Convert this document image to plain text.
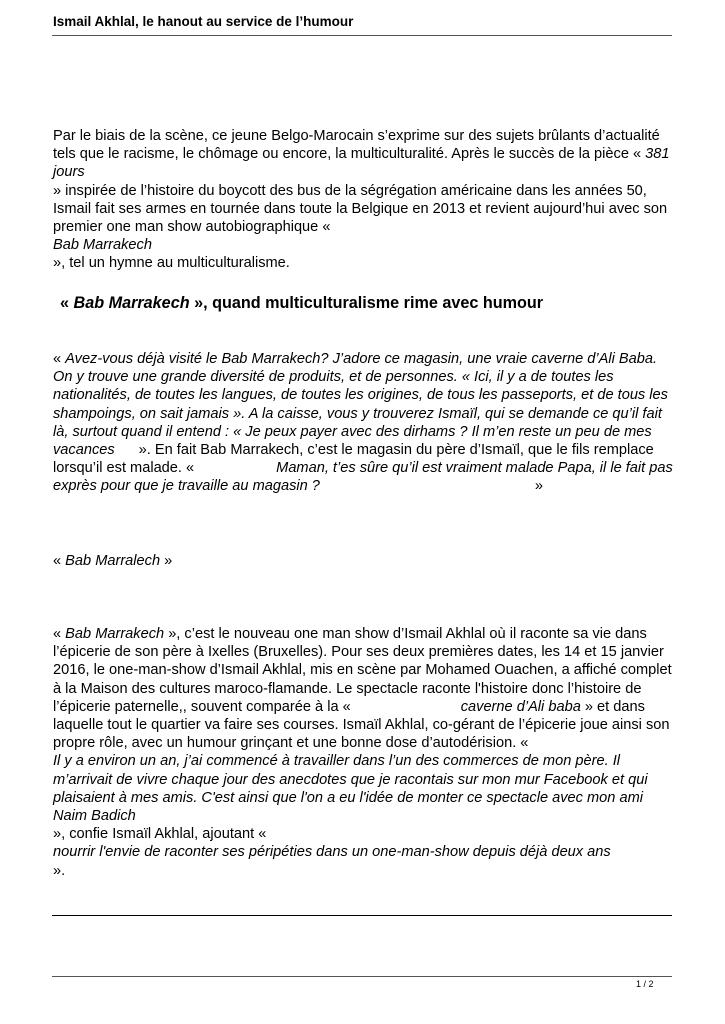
Ismail Akhlal, le hanout au service de l’humour

Par le biais de la scène, ce jeune Belgo-Marocain s’exprime sur des sujets brûlants d’actualité

tels que le racisme, le chômage ou encore, la multiculturalité. Après le succès de la pièce « 381

jours

» inspirée de l’histoire du boycott des bus de la ségrégation américaine dans les années 50,

Ismail fait ses armes en tournée dans toute la Belgique en 2013 et revient aujourd’hui avec son

premier one man show autobiographique «

Bab Marrakech

», tel un hymne au multiculturalisme.

« Bab Marrakech », quand multiculturalisme rime avec humour

« Avez-vous déjà visité le Bab Marrakech? J’adore ce magasin, une vraie caverne d’Ali Baba.

On y trouve une grande diversité de produits, et de personnes. « Ici, il y a de toutes les

nationalités, de toutes les langues, de toutes les origines, de tous les passeports, et de tous les

shampoings, on sait jamais ». A la caisse, vous y trouverez Ismaïl, qui se demande ce qu’il fait

là, surtout quand il entend : « Je peux payer avec des dirhams ? Il m’en reste un peu de mes

vacances ». En fait Bab Marrakech, c’est le magasin du père d’Ismaïl, que le fils remplace

lorsqu’il est malade. «	Maman, t’es sûre qu’il est vraiment malade Papa, il le fait pas

exprès pour que je travaille au magasin ?	»

« Bab Marralech »

« Bab Marrakech », c’est le nouveau one man show d’Ismail Akhlal où il raconte sa vie dans

l’épicerie de son père à Ixelles (Bruxelles). Pour ses deux premières dates, les 14 et 15 janvier

2016, le one-man-show d’Ismail Akhlal, mis en scène par Mohamed Ouachen, a affiché complet

à la Maison des cultures maroco-flamande. Le spectacle raconte l'histoire donc l’histoire de

l’épicerie paternelle,, souvent comparée à la «	caverne d’Ali baba » et dans

laquelle tout le quartier va faire ses courses. Ismaïl Akhlal, co-gérant de l’épicerie joue ainsi son

propre rôle, avec un humour grinçant et une bonne dose d’autodérision. «

Il y a environ un an, j’ai commencé à travailler dans l’un des commerces de mon père. Il

m’arrivait de vivre chaque jour des anecdotes que je racontais sur mon mur Facebook et qui

plaisaient à mes amis. C'est ainsi que l'on a eu l'idée de monter ce spectacle avec mon ami

Naim Badich

», confie Ismaïl Akhlal, ajoutant «

nourrir l'envie de raconter ses péripéties dans un one-man-show depuis déjà deux ans

».

1 / 2
